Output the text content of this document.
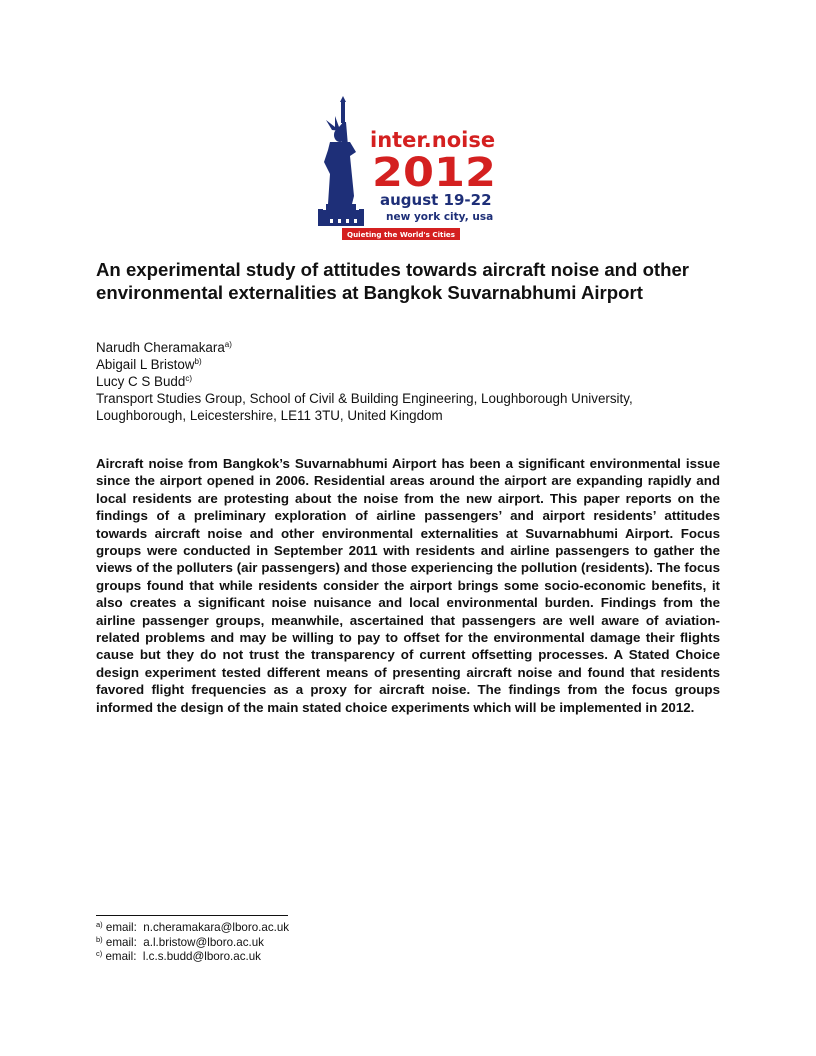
inter.noise
2012
august 19-22
new york city, usa
Quieting the World's Cities
An experimental study of attitudes towards aircraft noise and other environmental externalities at Bangkok Suvarnabhumi Airport
Narudh Cheramakara$^{a)}$
Abigail L Bristow$^{b)}$
Lucy C S Budd$^{c)}$
Transport Studies Group, School of Civil & Building Engineering, Loughborough University,
Loughborough, Leicestershire, LE11 3TU, United Kingdom

Aircraft noise from Bangkok’s Suvarnabhumi Airport has been a significant environmental issue since the airport opened in 2006. Residential areas around the airport are expanding rapidly and local residents are protesting about the noise from the new airport. This paper reports on the findings of a preliminary exploration of airline passengers’ and airport residents’ attitudes towards aircraft noise and other environmental externalities at Suvarnabhumi Airport. Focus groups were conducted in September 2011 with residents and airline passengers to gather the views of the polluters (air passengers) and those experiencing the pollution (residents). The focus groups found that while residents consider the airport brings some socio-economic benefits, it also creates a significant noise nuisance and local environmental burden. Findings from the airline passenger groups, meanwhile, ascertained that passengers are well aware of aviation-related problems and may be willing to pay to offset for the environmental damage their flights cause but they do not trust the transparency of current offsetting processes. A Stated Choice design experiment tested different means of presenting aircraft noise and found that residents favored flight frequencies as a proxy for aircraft noise. The findings from the focus groups informed the design of the main stated choice experiments which will be implemented in 2012.

$^{a)}$ email: n.cheramakara@lboro.ac.uk
$^{b)}$ email: a.l.bristow@lboro.ac.uk
$^{c)}$ email: l.c.s.budd@lboro.ac.uk
